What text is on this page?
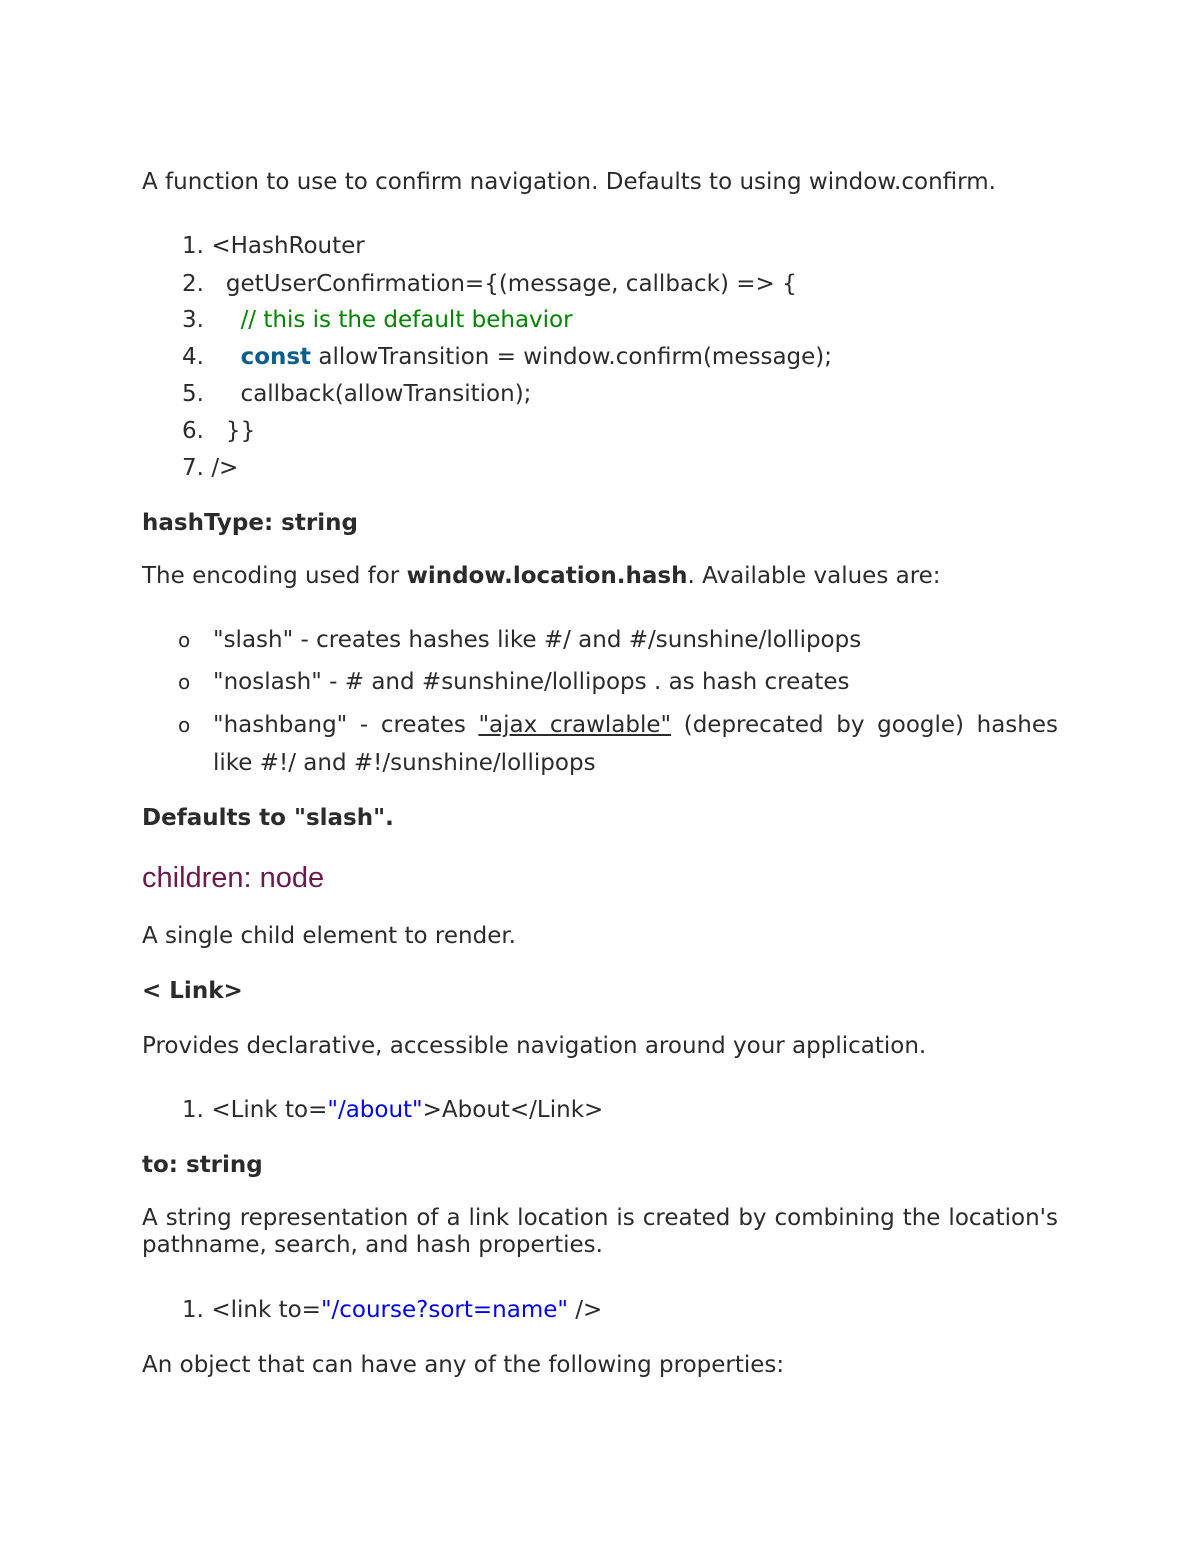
A function to use to confirm navigation. Defaults to using window.confirm.
1. <HashRouter
2.   getUserConfirmation={(message, callback) => {
3. // this is the default behavior
4. const allowTransition = window.confirm(message);
5.     callback(allowTransition);
6.   }}
7. />
hashType: string
The encoding used for window.location.hash. Available values are:
o "slash" - creates hashes like #/ and #/sunshine/lollipops
o "noslash" - # and #sunshine/lollipops . as hash creates
o "hashbang" - creates "ajax crawlable" (deprecated by google) hashes like #!/ and #!/sunshine/lollipops
Defaults to "slash".
children: node
A single child element to render.
< Link>
Provides declarative, accessible navigation around your application.
1. <Link to="/about">About</Link>
to: string
A string representation of a link location is created by combining the location's pathname, search, and hash properties.
1. <link to="/course?sort=name" />
An object that can have any of the following properties:
